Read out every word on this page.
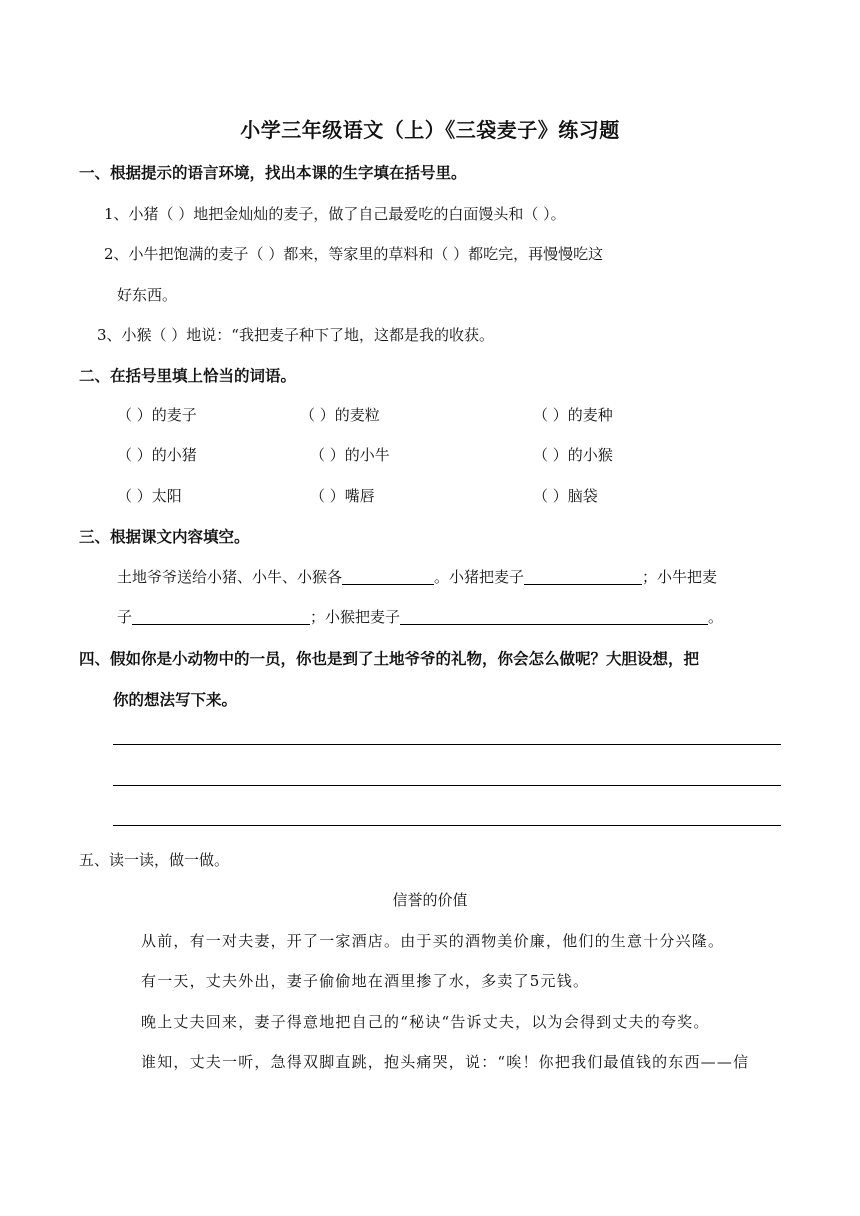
小学三年级语文（上）《三袋麦子》练习题
一、根据提示的语言环境，找出本课的生字填在括号里。
1、小猪（ ）地把金灿灿的麦子，做了自己最爱吃的白面馒头和（ ）。
2、小牛把饱满的麦子（ ）都来，等家里的草料和（ ）都吃完，再慢慢吃这
好东西。
3、小猴（ ）地说：“我把麦子种下了地，这都是我的收获。
二、在括号里填上恰当的词语。
（ ）的麦子	（ ）的麦粒	（ ）的麦种
（ ）的小猪	（ ）的小牛	（ ）的小猴
（ ）太阳	（ ）嘴唇	（ ）脑袋
三、根据课文内容填空。
土地爷爷送给小猪、小牛、小猴各	。小猪把麦子	；小牛把麦
子	；小猴把麦子	。
四、假如你是小动物中的一员，你也是到了土地爷爷的礼物，你会怎么做呢？大胆设想，把
你的想法写下来。
五、读一读，做一做。
信誉的价值
从前，有一对夫妻，开了一家酒店。由于买的酒物美价廉，他们的生意十分兴隆。
有一天，丈夫外出，妻子偷偷地在酒里掺了水，多卖了5元钱。
晚上丈夫回来，妻子得意地把自己的“秘诀“告诉丈夫，以为会得到丈夫的夸奖。
谁知，丈夫一听，急得双脚直跳，抱头痛哭，说：“唉！你把我们最值钱的东西——信
